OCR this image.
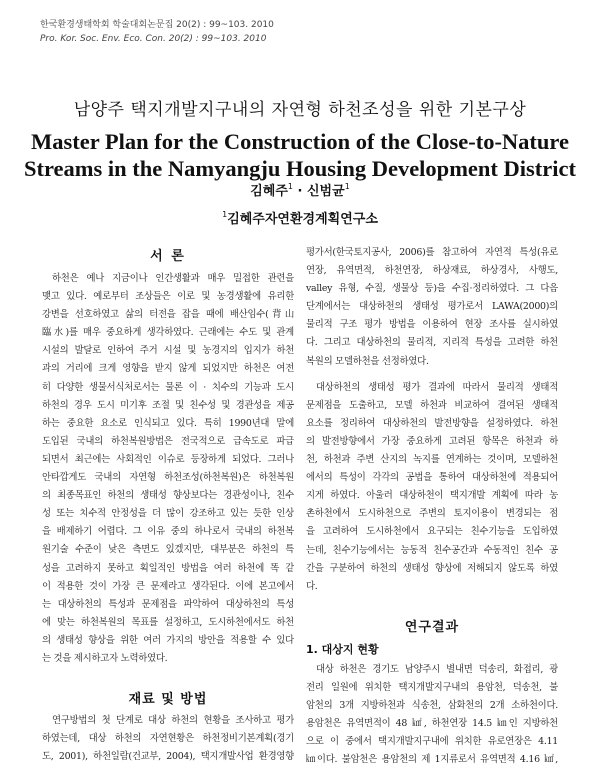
한국환경생태학회 학술대회논문집 20(2) : 99~103. 2010
Pro. Kor. Soc. Env. Eco. Con. 20(2) : 99~103. 2010
남양주 택지개발지구내의 자연형 하천조성을 위한 기본구상
Master Plan for the Construction of the Close-to-Nature
Streams in the Namyangju Housing Development District
김혜주$^1$ · 신범균$^1$
$^1$김혜주자연환경계획연구소
서 론

하천은 예나 지금이나 인간생활과 매우 밀접한 관련을

맺고 있다. 예로부터 조상들은 이로 및 농경생활에 유리한

강변을 선호하였고 삶의 터전을 잡을 때에 배산임수(背山

臨水)를 매우 중요하게 생각하였다. 근래에는 수도 및 관계

시설의 발달로 인하여 주거 시설 및 농경지의 입지가 하천

과의 거리에 크게 영향을 받지 않게 되었지만 하천은 여전

히 다양한 생물서식처로서는 물론 이 · 치수의 기능과 도시

하천의 경우 도시 미기후 조절 및 친수성 및 경관성을 제공

하는 중요한 요소로 인식되고 있다. 특히 1990년대 말에

도입된 국내의 하천복원방법은 전국적으로 급속도로 파급

되면서 최근에는 사회적인 이슈로 등장하게 되었다. 그러나

안타깝게도 국내의 자연형 하천조성(하천복원)은 하천복원

의 최종목표인 하천의 생태성 향상보다는 경관성이나, 친수

성 또는 치수적 안정성을 더 많이 강조하고 있는 듯한 인상

을 배제하기 어렵다. 그 이유 중의 하나로서 국내의 하천복

원기술 수준이 낮은 측면도 있겠지만, 대부분은 하천의 특

성을 고려하지 못하고 획일적인 방법을 여러 하천에 똑 같

이 적용한 것이 가장 큰 문제라고 생각된다. 이에 본고에서

는 대상하천의 특성과 문제점을 파악하여 대상하천의 특성

에 맞는 하천복원의 목표를 설정하고, 도시하천에서도 하천

의 생태성 향상을 위한 여러 가지의 방안을 적용할 수 있다

는 것을 제시하고자 노력하였다.

재료 및 방법

연구방법의 첫 단계로 대상 하천의 현황을 조사하고 평가

하였는데, 대상 하천의 자연현황은 하천정비기본계획(경기

도, 2001), 하천일람(건교부, 2004), 택지개발사업 환경영향

평가서(한국토지공사, 2006)를 참고하여 자연적 특성(유로

연장, 유역면적, 하천연장, 하상재료, 하상경사, 사행도,

valley 유형, 수질, 생물상 등)을 수집·정리하였다. 그 다음

단계에서는 대상하천의 생태성 평가로서 LAWA(2000)의

물리적 구조 평가 방법을 이용하여 현장 조사를 실시하였

다. 그리고 대상하천의 물리적, 지리적 특성을 고려한 하천

복원의 모델하천을 선정하였다.

대상하천의 생태성 평가 결과에 따라서 물리적 생태적

문제점을 도출하고, 모델 하천과 비교하여 결여된 생태적

요소를 정리하여 대상하천의 발전방향을 설정하였다. 하천

의 발전방향에서 가장 중요하게 고려된 항목은 하천과 하

천, 하천과 주변 산지의 녹지를 연계하는 것이며, 모델하천

에서의 특성이 각각의 공법을 통하여 대상하천에 적용되어

지게 하였다. 아울러 대상하천이 택지개발 계획에 따라 농

촌하천에서 도시하천으로 주변의 토지이용이 변경되는 점

을 고려하여 도시하천에서 요구되는 친수기능을 도입하였

는데, 친수기능에서는 능동적 친수공간과 수동적인 친수 공

간을 구분하여 하천의 생태성 향상에 저해되지 않도록 하였

다.

연구결과
1. 대상지 현황

대상 하천은 경기도 남양주시 별내면 덕송리, 화접리, 광

전리 일원에 위치한 택지개발지구내의 용암천, 덕송천, 불

암천의 3개 지방하천과 식송천, 삼화천의 2개 소하천이다.

용암천은 유역면적이 48 ㎢, 하천연장 14.5 ㎞인 지방하천

으로 이 중에서 택지개발지구내에 위치한 유로연장은 4.11

㎞이다. 불암천은 용암천의 제 1지류로서 유역면적 4.16 ㎢,
